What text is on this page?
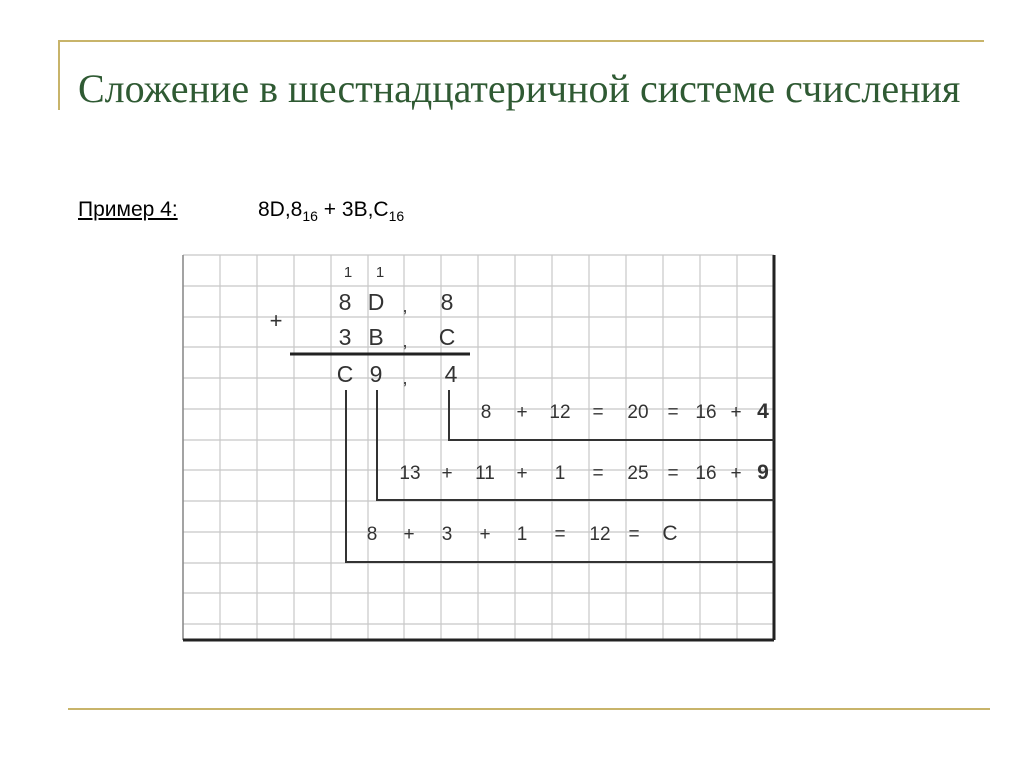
Сложение в шестнадцатеричной системе счисления
Пример 4:	$8D,8_{16} + 3B,C_{16}$
1 1
+
8 D , 8
3 B , C
C 9 , 4
8 + 12 = 20 = 16 + 4
13 + 11 + 1 = 25 = 16 + 9
8 + 3 + 1 = 12 = C
